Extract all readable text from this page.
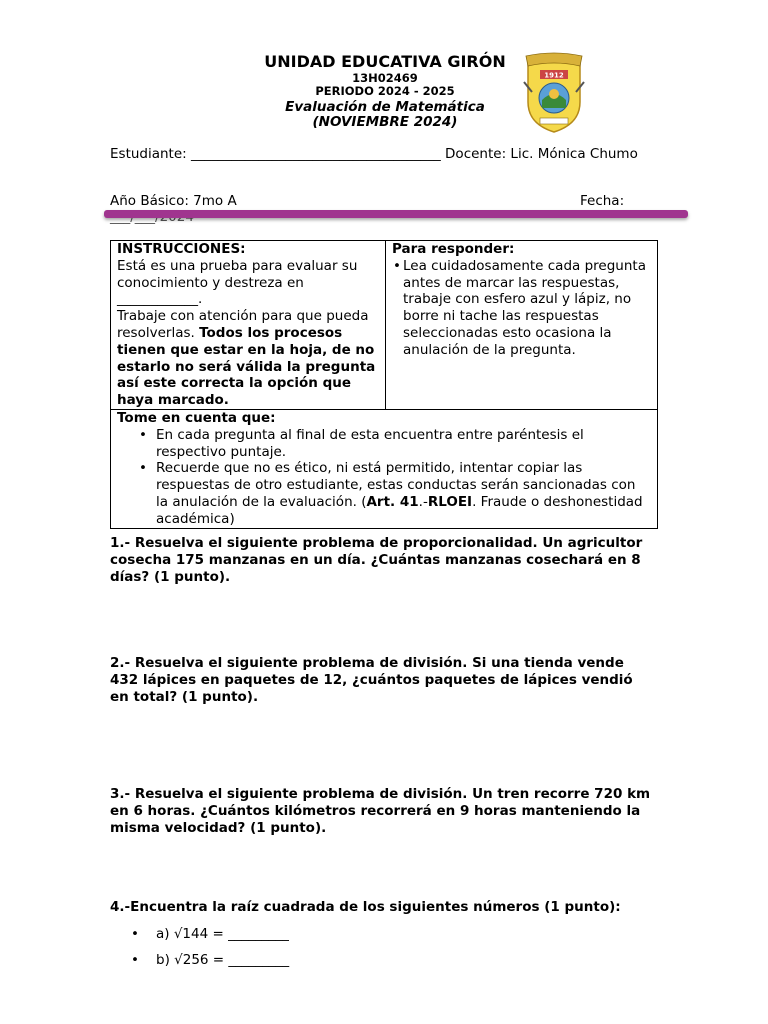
UNIDAD EDUCATIVA GIRÓN
13H02469
PERIODO 2024 - 2025
Evaluación de Matemática
(NOVIEMBRE 2024)
1912
Estudiante: _____________________________________ Docente: Lic. Mónica Chumo
Año Básico: 7mo A	Fecha:
INSTRUCCIONES:
Está es una prueba para evaluar su conocimiento y destreza en ____________.
Trabaje con atención para que pueda resolverlas. Todos los procesos tienen que estar en la hoja, de no estarlo no será válida la pregunta así este correcta la opción que haya marcado.

Para responder:
• Lea cuidadosamente cada pregunta antes de marcar las respuestas, trabaje con esfero azul y lápiz, no borre ni tache las respuestas seleccionadas esto ocasiona la anulación de la pregunta.

Tome en cuenta que:
• En cada pregunta al final de esta encuentra entre paréntesis el respectivo puntaje.
• Recuerde que no es ético, ni está permitido, intentar copiar las respuestas de otro estudiante, estas conductas serán sancionadas con la anulación de la evaluación. (Art. 41.-RLOEI. Fraude o deshonestidad académica)
1.- Resuelva el siguiente problema de proporcionalidad. Un agricultor cosecha 175 manzanas en un día. ¿Cuántas manzanas cosechará en 8 días? (1 punto).
2.- Resuelva el siguiente problema de división. Si una tienda vende 432 lápices en paquetes de 12, ¿cuántos paquetes de lápices vendió en total? (1 punto).
3.- Resuelva el siguiente problema de división. Un tren recorre 720 km en 6 horas. ¿Cuántos kilómetros recorrerá en 9 horas manteniendo la misma velocidad? (1 punto).
4.-Encuentra la raíz cuadrada de los siguientes números (1 punto):
• a) √144 = _________
• b) √256 = _________
